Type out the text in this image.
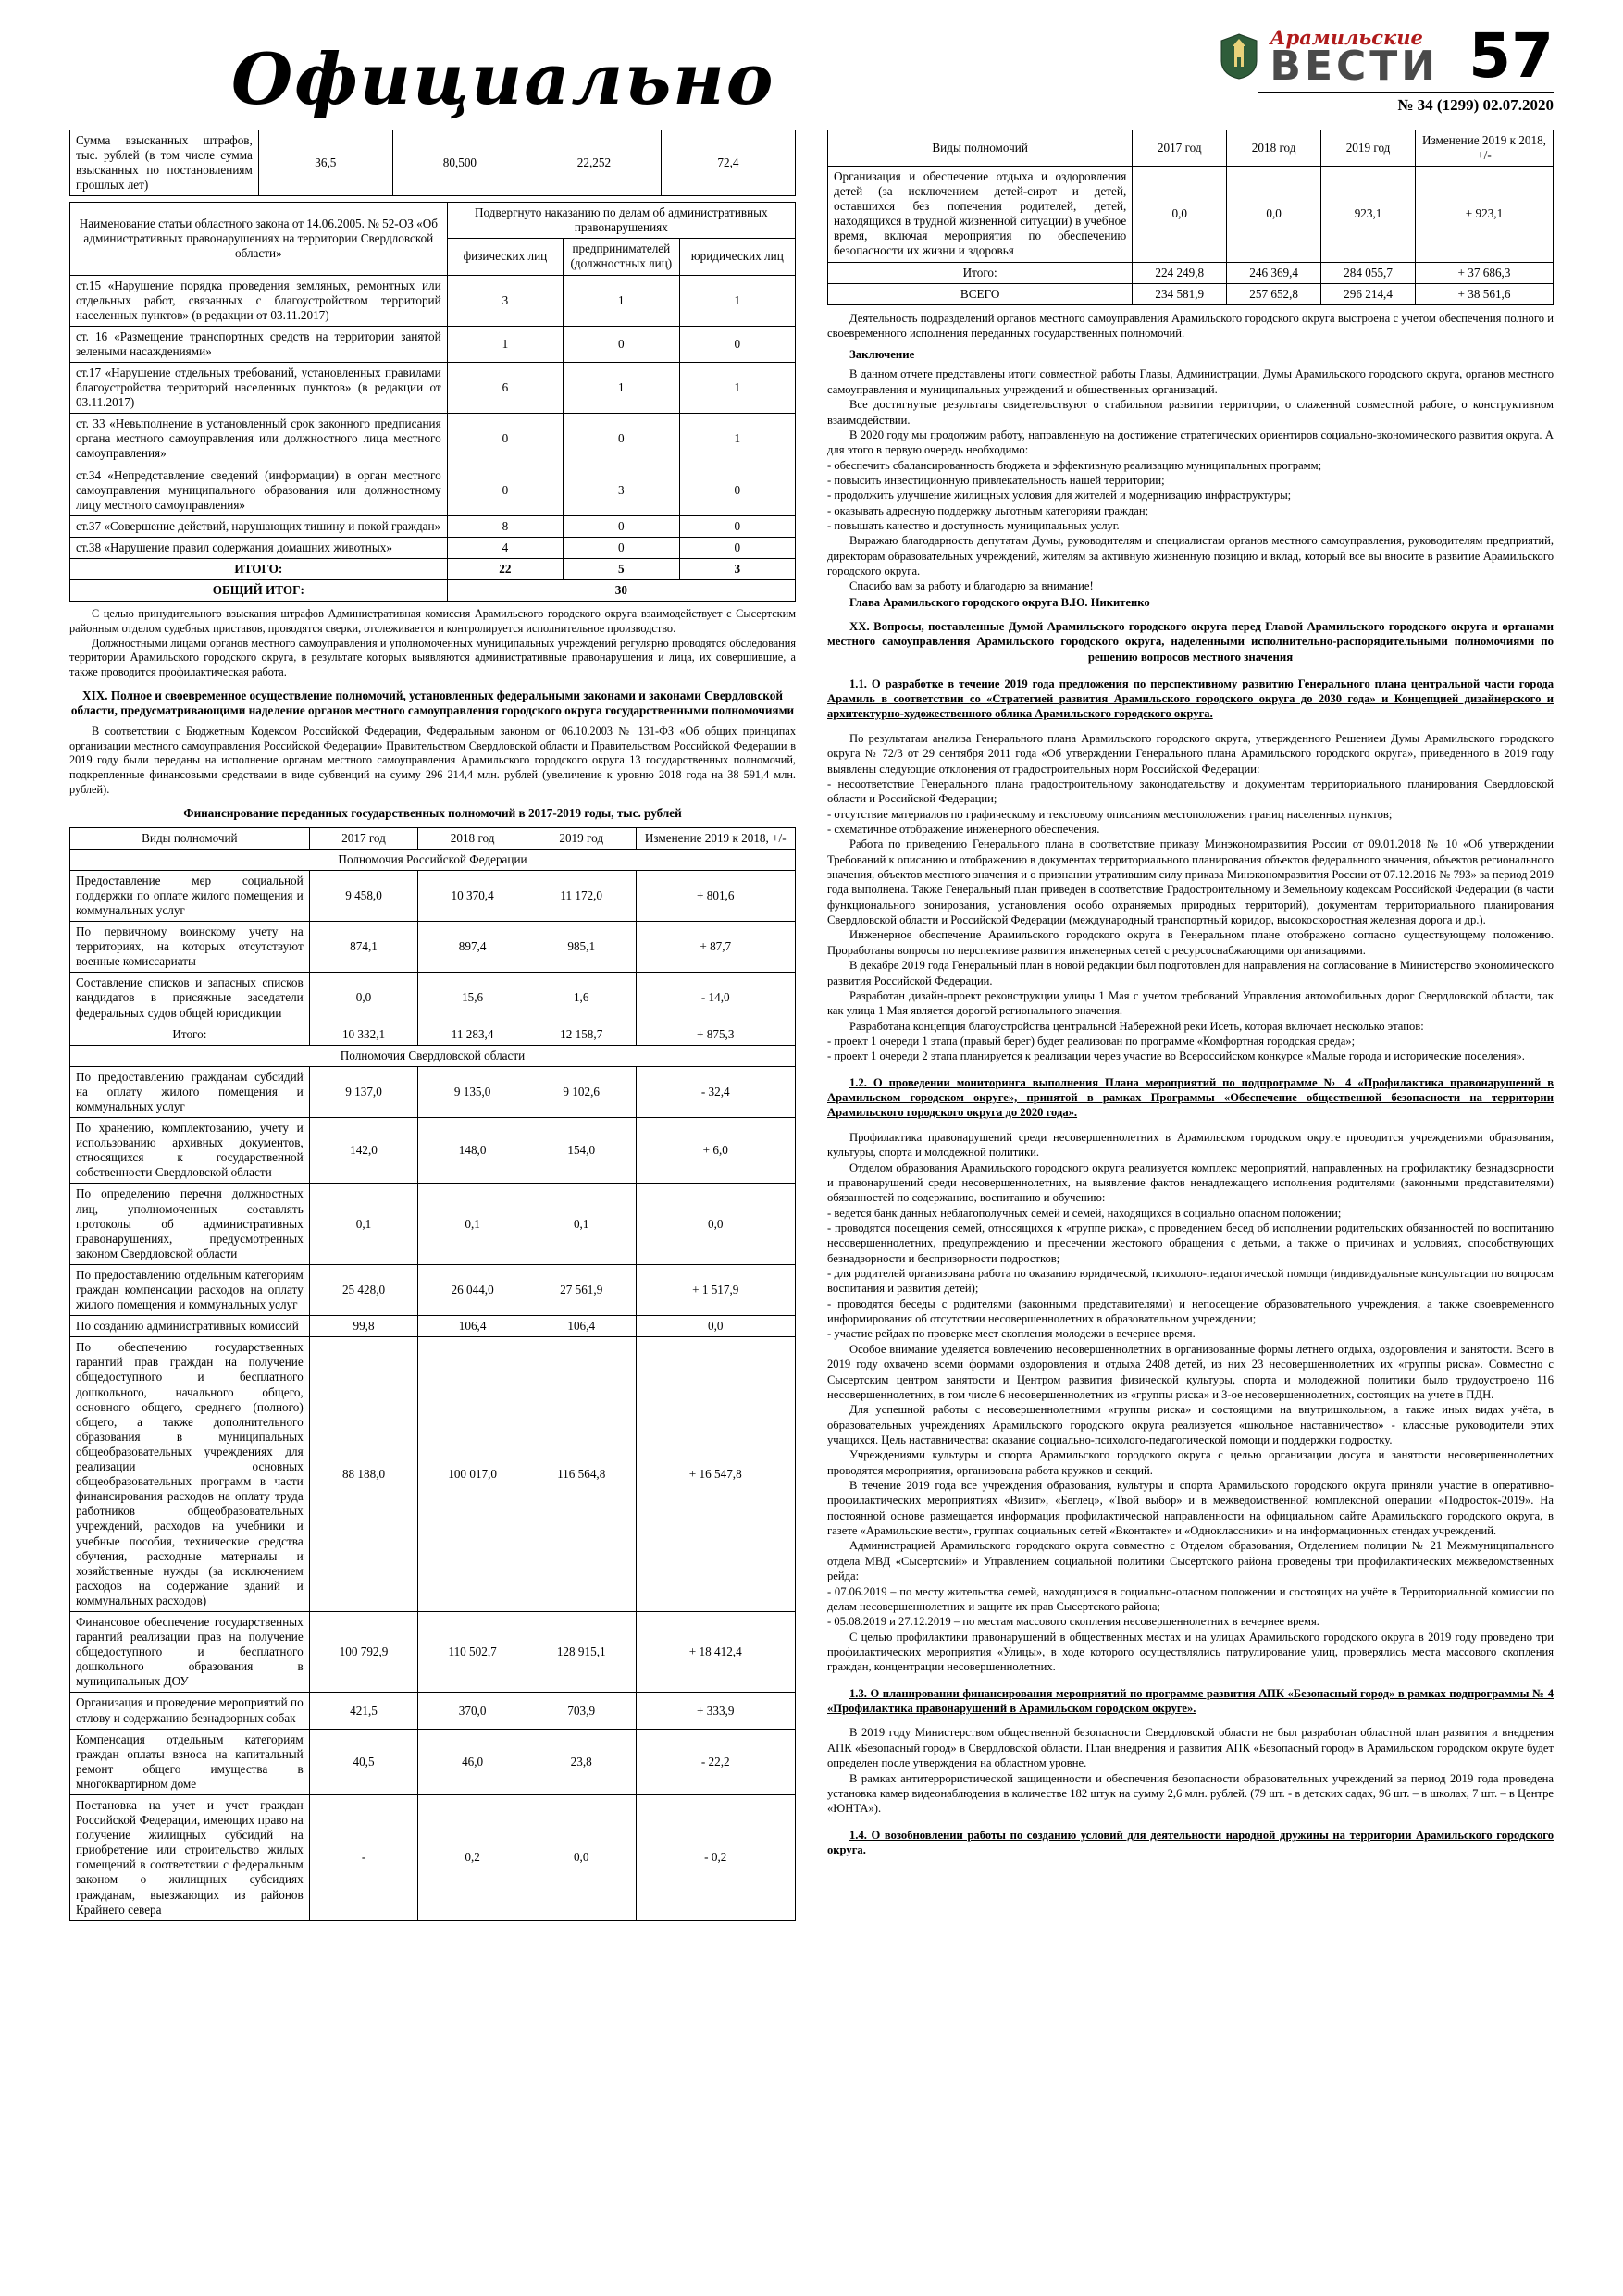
Официально
Арамильские
ВЕСТИ 57
№ 34 (1299) 02.07.2020
Сумма взысканных штрафов, тыс. рублей (в том числе сумма взысканных по постановлениям прошлых лет)	36,5	80,500	22,252	72,4
Наименование статьи областного закона от 14.06.2005. № 52-ОЗ «Об административных правонарушениях на территории Свердловской области»	Подвергнуто наказанию по делам об административных правонарушениях		
	физических лиц	предпринимателей (должностных лиц)	юридических лиц
ст.15 «Нарушение порядка проведения земляных, ремонтных или отдельных работ, связанных с благоустройством территорий населенных пунктов» (в редакции от 03.11.2017)	3	1	1
ст. 16 «Размещение транспортных средств на территории занятой зелеными насаждениями»	1	0	0
ст.17 «Нарушение отдельных требований, установленных правилами благоустройства территорий населенных пунктов» (в редакции от 03.11.2017)	6	1	1
ст. 33 «Невыполнение в установленный срок законного предписания органа местного самоуправления или должностного лица местного самоуправления»	0	0	1
ст.34 «Непредставление сведений (информации) в орган местного самоуправления муниципального образования или должностному лицу местного самоуправления»	0	3	0
ст.37 «Совершение действий, нарушающих тишину и покой граждан»	8	0	0
ст.38 «Нарушение правил содержания домашних животных»	4	0	0
ИТОГО:	22	5	3
ОБЩИЙ ИТОГ:	30		

С целью принудительного взыскания штрафов Административная комиссия Арамильского городского округа взаимодействует с Сысертским районным отделом судебных приставов, проводятся сверки, отслеживается и контролируется исполнительное производство.

Должностными лицами органов местного самоуправления и уполномоченных муниципальных учреждений регулярно проводятся обследования территории Арамильского городского округа, в результате которых выявляются административные правонарушения и лица, их совершившие, а также проводится профилактическая работа.

XIX. Полное и своевременное осуществление полномочий, установленных федеральными законами и законами Свердловской области, предусматривающими наделение органов местного самоуправления городского округа государственными полномочиями

В соответствии с Бюджетным Кодексом Российской Федерации, Федеральным законом от 06.10.2003 № 131-ФЗ «Об общих принципах организации местного самоуправления Российской Федерации» Правительством Свердловской области и Правительством Российской Федерации в 2019 году были переданы на исполнение органам местного самоуправления Арамильского городского округа 13 государственных полномочий, подкрепленные финансовыми средствами в виде субвенций на сумму 296 214,4 млн. рублей (увеличение к уровню 2018 года на 38 591,4 млн. рублей).

Финансирование переданных государственных полномочий в 2017-2019 годы, тыс. рублей

Виды полномочий	2017 год	2018 год	2019 год	Изменение 2019 к 2018, +/-
Полномочия Российской Федерации				
Предоставление мер социальной поддержки по оплате жилого помещения и коммунальных услуг	9 458,0	10 370,4	11 172,0	+ 801,6
По первичному воинскому учету на территориях, на которых отсутствуют военные комиссариаты	874,1	897,4	985,1	+ 87,7
Составление списков и запасных списков кандидатов в присяжные заседатели федеральных судов общей юрисдикции	0,0	15,6	1,6	- 14,0
Итого:	10 332,1	11 283,4	12 158,7	+ 875,3
Полномочия Свердловской области				
По предоставлению гражданам субсидий на оплату жилого помещения и коммунальных услуг	9 137,0	9 135,0	9 102,6	- 32,4
По хранению, комплектованию, учету и использованию архивных документов, относящихся к государственной собственности Свердловской области	142,0	148,0	154,0	+ 6,0
По определению перечня должностных лиц, уполномоченных составлять протоколы об административных правонарушениях, предусмотренных законом Свердловской области	0,1	0,1	0,1	0,0
По предоставлению отдельным категориям граждан компенсации расходов на оплату жилого помещения и коммунальных услуг	25 428,0	26 044,0	27 561,9	+ 1 517,9
По созданию административных комиссий	99,8	106,4	106,4	0,0
По обеспечению государственных гарантий прав граждан на получение общедоступного и бесплатного дошкольного, начального общего, основного общего, среднего (полного) общего, а также дополнительного образования в муниципальных общеобразовательных учреждениях для реализации основных общеобразовательных программ в части финансирования расходов на оплату труда работников общеобразовательных учреждений, расходов на учебники и учебные пособия, технические средства обучения, расходные материалы и хозяйственные нужды (за исключением расходов на содержание зданий и коммунальных расходов)	88 188,0	100 017,0	116 564,8	+ 16 547,8
Финансовое обеспечение государственных гарантий реализации прав на получение общедоступного и бесплатного дошкольного образования в муниципальных ДОУ	100 792,9	110 502,7	128 915,1	+ 18 412,4
Организация и проведение мероприятий по отлову и содержанию безнадзорных собак	421,5	370,0	703,9	+ 333,9
Компенсация отдельным категориям граждан оплаты взноса на капитальный ремонт общего имущества в многоквартирном доме	40,5	46,0	23,8	- 22,2
Постановка на учет и учет граждан Российской Федерации, имеющих право на получение жилищных субсидий на приобретение или строительство жилых помещений в соответствии с федеральным законом о жилищных субсидиях гражданам, выезжающих из районов Крайнего севера	-	0,2	0,0	- 0,2
Виды полномочий	2017 год	2018 год	2019 год	Изменение 2019 к 2018, +/-
Организация и обеспечение отдыха и оздоровления детей (за исключением детей-сирот и детей, оставшихся без попечения родителей, детей, находящихся в трудной жизненной ситуации) в учебное время, включая мероприятия по обеспечению безопасности их жизни и здоровья	0,0	0,0	923,1	+ 923,1
Итого:	224 249,8	246 369,4	284 055,7	+ 37 686,3
ВСЕГО	234 581,9	257 652,8	296 214,4	+ 38 561,6

Деятельность подразделений органов местного самоуправления Арамильского городского округа выстроена с учетом обеспечения полного и своевременного исполнения переданных государственных полномочий.

Заключение

В данном отчете представлены итоги совместной работы Главы, Администрации, Думы Арамильского городского округа, органов местного самоуправления и муниципальных учреждений и общественных организаций.

Все достигнутые результаты свидетельствуют о стабильном развитии территории, о слаженной совместной работе, о конструктивном взаимодействии.

В 2020 году мы продолжим работу, направленную на достижение стратегических ориентиров социально-экономического развития округа. А для этого в первую очередь необходимо:

- обеспечить сбалансированность бюджета и эффективную реализацию муниципальных программ;

- повысить инвестиционную привлекательность нашей территории;

- продолжить улучшение жилищных условия для жителей и модернизацию инфраструктуры;

- оказывать адресную поддержку льготным категориям граждан;

- повышать качество и доступность муниципальных услуг.

Выражаю благодарность депутатам Думы, руководителям и специалистам органов местного самоуправления, руководителям предприятий, директорам образовательных учреждений, жителям за активную жизненную позицию и вклад, который все вы вносите в развитие Арамильского городского округа.

Спасибо вам за работу и благодарю за внимание!

Глава Арамильского городского округа В.Ю. Никитенко

XX. Вопросы, поставленные Думой Арамильского городского округа перед Главой Арамильского городского округа и органами местного самоуправления Арамильского городского округа, наделенными исполнительно-распорядительными полномочиями по решению вопросов местного значения

1.1. О разработке в течение 2019 года предложения по перспективному развитию Генерального плана центральной части города Арамиль в соответствии со «Стратегией развития Арамильского городского округа до 2030 года» и Концепцией дизайнерского и архитектурно-художественного облика Арамильского городского округа.

По результатам анализа Генерального плана Арамильского городского округа, утвержденного Решением Думы Арамильского городского округа № 72/3 от 29 сентября 2011 года «Об утверждении Генерального плана Арамильского городского округа», приведенного в 2019 году выявлены следующие отклонения от градостроительных норм Российской Федерации:

- несоответствие Генерального плана градостроительному законодательству и документам территориального планирования Свердловской области и Российской Федерации;

- отсутствие материалов по графическому и текстовому описаниям местоположения границ населенных пунктов;

- схематичное отображение инженерного обеспечения.

Работа по приведению Генерального плана в соответствие приказу Минэкономразвития России от 09.01.2018 № 10 «Об утверждении Требований к описанию и отображению в документах территориального планирования объектов федерального значения, объектов регионального значения, объектов местного значения и о признании утратившим силу приказа Минэкономразвития России от 07.12.2016 № 793» за период 2019 года выполнена. Также Генеральный план приведен в соответствие Градостроительному и Земельному кодексам Российской Федерации (в части функционального зонирования, установления особо охраняемых природных территорий), документам территориального планирования Свердловской области и Российской Федерации (международный транспортный коридор, высокоскоростная железная дорога и др.).

Инженерное обеспечение Арамильского городского округа в Генеральном плане отображено согласно существующему положению. Проработаны вопросы по перспективе развития инженерных сетей с ресурсоснабжающими организациями.

В декабре 2019 года Генеральный план в новой редакции был подготовлен для направления на согласование в Министерство экономического развития Российской Федерации.

Разработан дизайн-проект реконструкции улицы 1 Мая с учетом требований Управления автомобильных дорог Свердловской области, так как улица 1 Мая является дорогой регионального значения.

Разработана концепция благоустройства центральной Набережной реки Исеть, которая включает несколько этапов:

- проект 1 очереди 1 этапа (правый берег) будет реализован по программе «Комфортная городская среда»;

- проект 1 очереди 2 этапа планируется к реализации через участие во Всероссийском конкурсе «Малые города и исторические поселения».

1.2. О проведении мониторинга выполнения Плана мероприятий по подпрограмме № 4 «Профилактика правонарушений в Арамильском городском округе», принятой в рамках Программы «Обеспечение общественной безопасности на территории Арамильского городского округа до 2020 года».

Профилактика правонарушений среди несовершеннолетних в Арамильском городском округе проводится учреждениями образования, культуры, спорта и молодежной политики.

Отделом образования Арамильского городского округа реализуется комплекс мероприятий, направленных на профилактику безнадзорности и правонарушений среди несовершеннолетних, на выявление фактов ненадлежащего исполнения родителями (законными представителями) обязанностей по содержанию, воспитанию и обучению:

- ведется банк данных неблагополучных семей и семей, находящихся в социально опасном положении;

- проводятся посещения семей, относящихся к «группе риска», с проведением бесед об исполнении родительских обязанностей по воспитанию несовершеннолетних, предупреждению и пресечении жестокого обращения с детьми, а также о причинах и условиях, способствующих безнадзорности и беспризорности подростков;

- для родителей организована работа по оказанию юридической, психолого-педагогической помощи (индивидуальные консультации по вопросам воспитания и развития детей);

- проводятся беседы с родителями (законными представителями) и непосещение образовательного учреждения, а также своевременного информирования об отсутствии несовершеннолетних в образовательном учреждении;

- участие рейдах по проверке мест скопления молодежи в вечернее время.

Особое внимание уделяется вовлечению несовершеннолетних в организованные формы летнего отдыха, оздоровления и занятости. Всего в 2019 году охвачено всеми формами оздоровления и отдыха 2408 детей, из них 23 несовершеннолетних их «группы риска». Совместно с Сысертским центром занятости и Центром развития физической культуры, спорта и молодежной политики было трудоустроено 116 несовершеннолетних, в том числе 6 несовершеннолетних из «группы риска» и 3-ое несовершеннолетних, состоящих на учете в ПДН.

Для успешной работы с несовершеннолетними «группы риска» и состоящими на внутришкольном, а также иных видах учёта, в образовательных учреждениях Арамильского городского округа реализуется «школьное наставничество» - классные руководители этих учащихся. Цель наставничества: оказание социально-психолого-педагогической помощи и поддержки подростку.

Учреждениями культуры и спорта Арамильского городского округа с целью организации досуга и занятости несовершеннолетних проводятся мероприятия, организована работа кружков и секций.

В течение 2019 года все учреждения образования, культуры и спорта Арамильского городского округа приняли участие в оперативно-профилактических мероприятиях «Визит», «Беглец», «Твой выбор» и в межведомственной комплексной операции «Подросток-2019». На постоянной основе размещается информация профилактической направленности на официальном сайте Арамильского городского округа, в газете «Арамильские вести», группах социальных сетей «Вконтакте» и «Одноклассники» и на информационных стендах учреждений.

Администрацией Арамильского городского округа совместно с Отделом образования, Отделением полиции № 21 Межмуниципального отдела МВД «Сысертский» и Управлением социальной политики Сысертского района проведены три профилактических межведомственных рейда:

- 07.06.2019 – по месту жительства семей, находящихся в социально-опасном положении и состоящих на учёте в Территориальной комиссии по делам несовершеннолетних и защите их прав Сысертского района;

- 05.08.2019 и 27.12.2019 – по местам массового скопления несовершеннолетних в вечернее время.

С целью профилактики правонарушений в общественных местах и на улицах Арамильского городского округа в 2019 году проведено три профилактических мероприятия «Улицы», в ходе которого осуществлялись патрулирование улиц, проверялись места массового скопления граждан, концентрации несовершеннолетних.

1.3. О планировании финансирования мероприятий по программе развития АПК «Безопасный город» в рамках подпрограммы № 4 «Профилактика правонарушений в Арамильском городском округе».

В 2019 году Министерством общественной безопасности Свердловской области не был разработан областной план развития и внедрения АПК «Безопасный город» в Свердловской области. План внедрения и развития АПК «Безопасный город» в Арамильском городском округе будет определен после утверждения на областном уровне.

В рамках антитеррористической защищенности и обеспечения безопасности образовательных учреждений за период 2019 года проведена установка камер видеонаблюдения в количестве 182 штук на сумму 2,6 млн. рублей. (79 шт. - в детских садах, 96 шт. – в школах, 7 шт. – в Центре «ЮНТА»).

1.4. О возобновлении работы по созданию условий для деятельности народной дружины на территории Арамильского городского округа.
